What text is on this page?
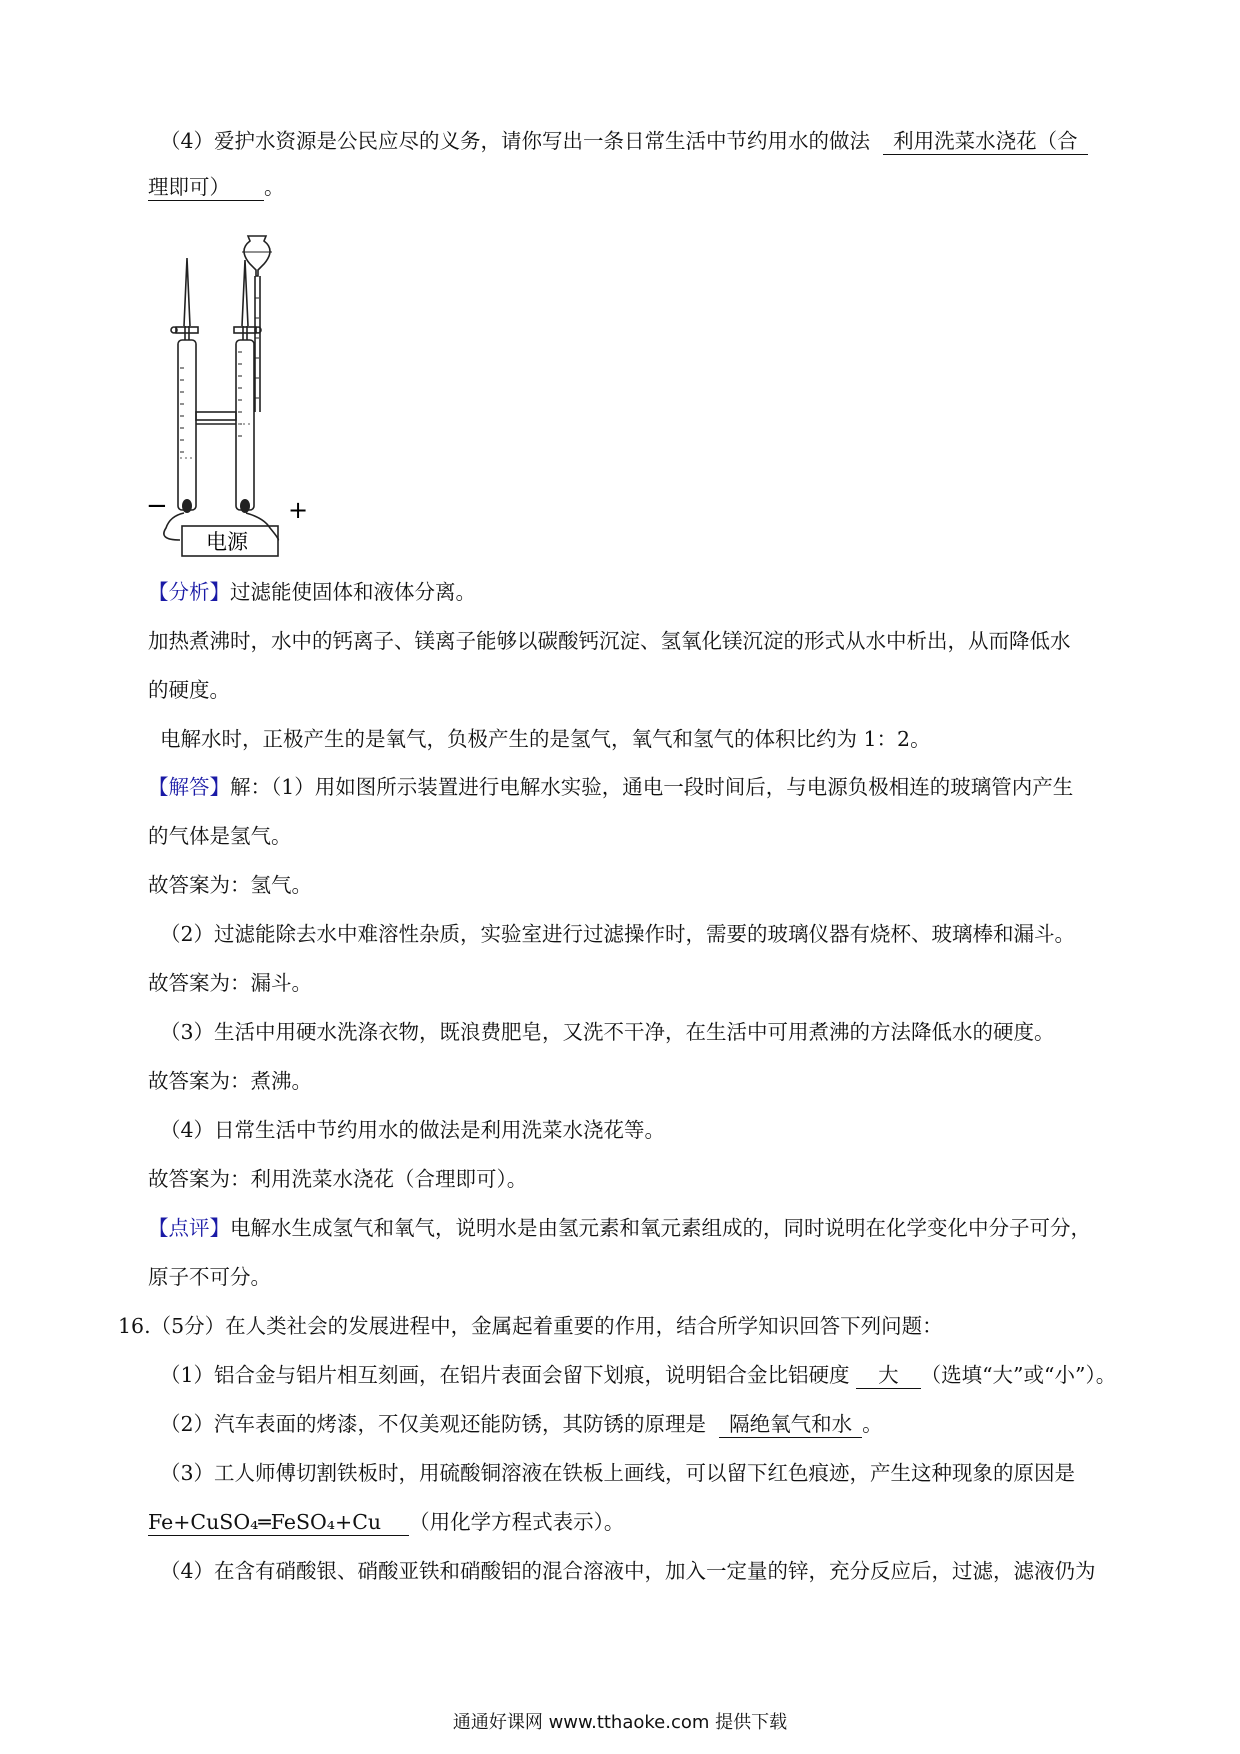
（4）爱护水资源是公民应尽的义务，请你写出一条日常生活中节约用水的做法 利用洗菜水浇花（合
理即可） 。
−	+
电源
【分析】过滤能使固体和液体分离。
加热煮沸时，水中的钙离子、镁离子能够以碳酸钙沉淀、氢氧化镁沉淀的形式从水中析出，从而降低水
的硬度。
电解水时，正极产生的是氧气，负极产生的是氢气，氧气和氢气的体积比约为 1：2。
【解答】解：（1）用如图所示装置进行电解水实验，通电一段时间后，与电源负极相连的玻璃管内产生
的气体是氢气。
故答案为：氢气。
（2）过滤能除去水中难溶性杂质，实验室进行过滤操作时，需要的玻璃仪器有烧杯、玻璃棒和漏斗。
故答案为：漏斗。
（3）生活中用硬水洗涤衣物，既浪费肥皂，又洗不干净，在生活中可用煮沸的方法降低水的硬度。
故答案为：煮沸。
（4）日常生活中节约用水的做法是利用洗菜水浇花等。
故答案为：利用洗菜水浇花（合理即可）。
【点评】电解水生成氢气和氧气，说明水是由氢元素和氧元素组成的，同时说明在化学变化中分子可分，
原子不可分。
16.（5分）在人类社会的发展进程中，金属起着重要的作用，结合所学知识回答下列问题：
（1）铝合金与铝片相互刻画，在铝片表面会留下划痕，说明铝合金比铝硬度 大 （选填“大”或“小”）。
（2）汽车表面的烤漆，不仅美观还能防锈，其防锈的原理是 隔绝氧气和水 。
（3）工人师傅切割铁板时，用硫酸铜溶液在铁板上画线，可以留下红色痕迹，产生这种现象的原因是
Fe+CuSO₄═FeSO₄+Cu （用化学方程式表示）。
（4）在含有硝酸银、硝酸亚铁和硝酸铝的混合溶液中，加入一定量的锌，充分反应后，过滤，滤液仍为
通通好课网 www.tthaoke.com 提供下载
